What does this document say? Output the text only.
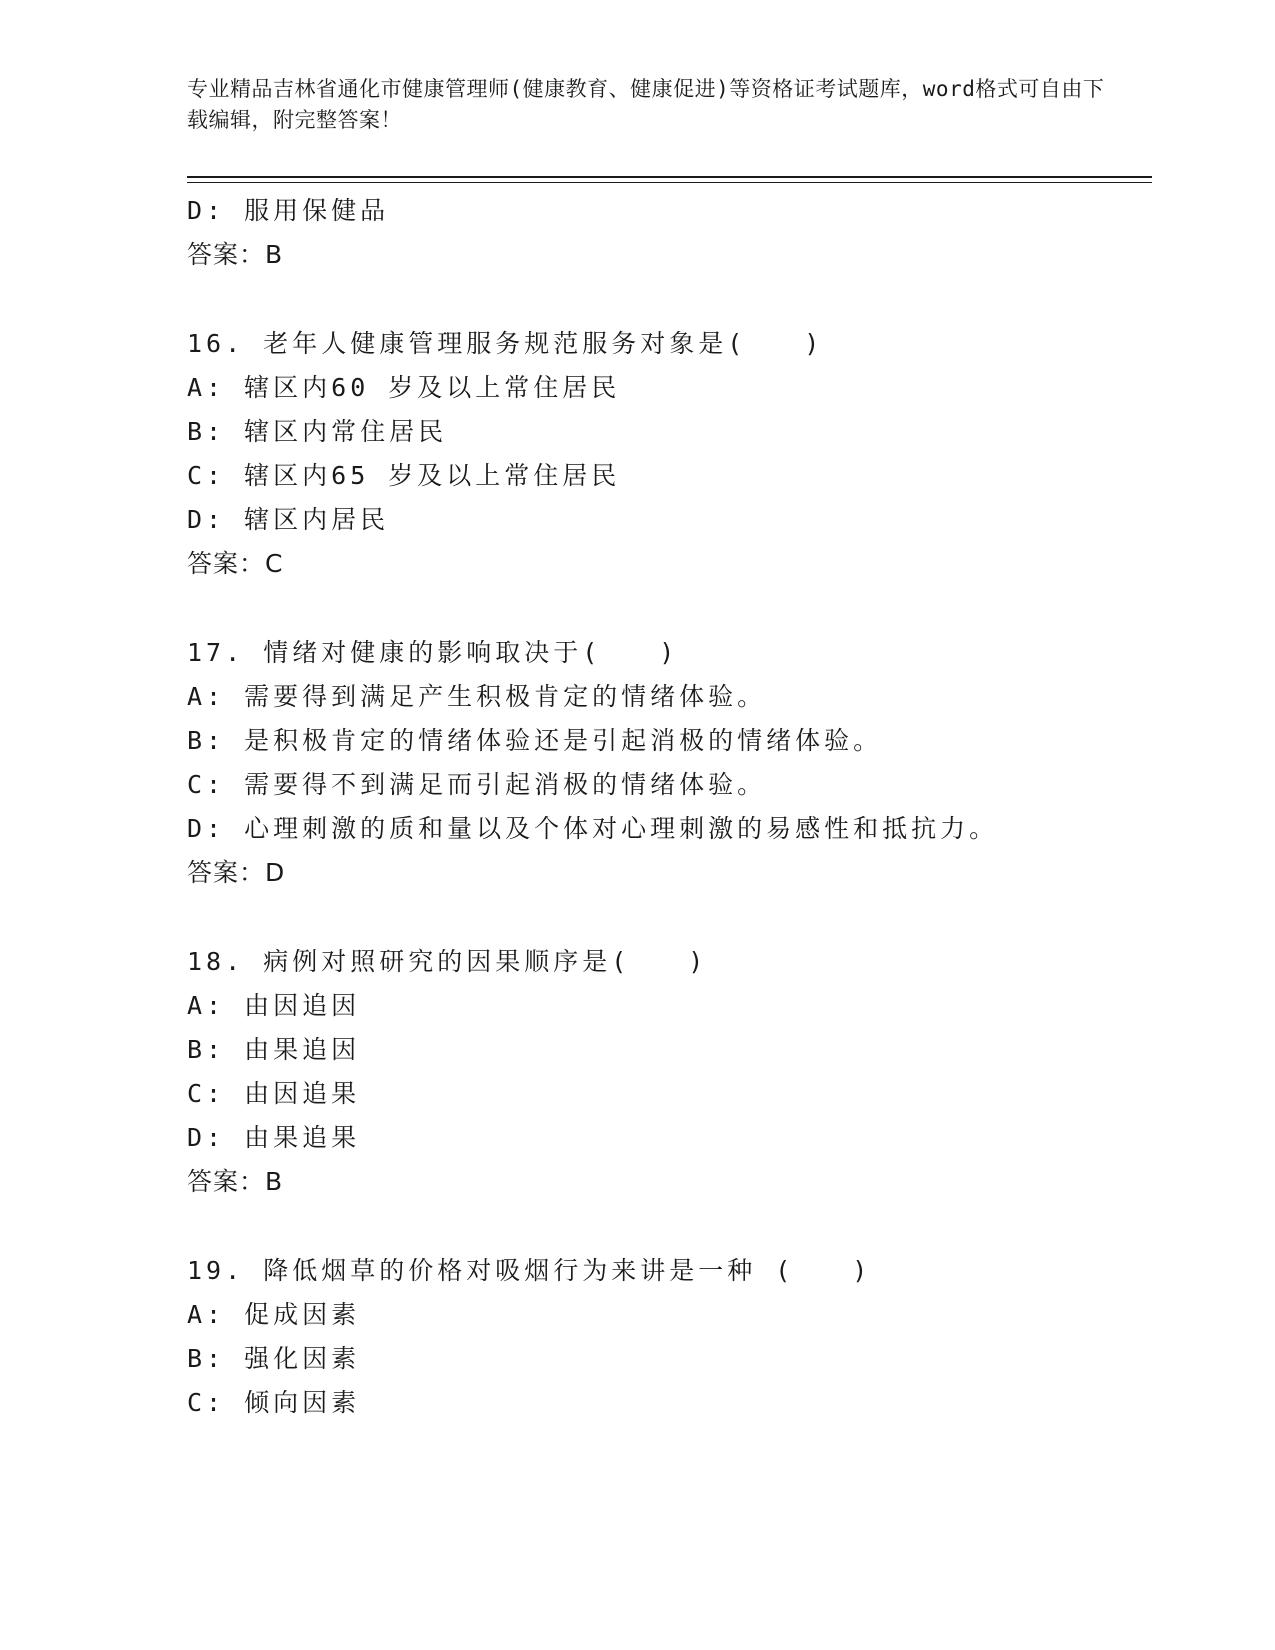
专业精品吉林省通化市健康管理师(健康教育、健康促进)等资格证考试题库，word格式可自由下载编辑，附完整答案！
D: 服用保健品
答案：B
16. 老年人健康管理服务规范服务对象是(　　)
A: 辖区内60 岁及以上常住居民
B: 辖区内常住居民
C: 辖区内65 岁及以上常住居民
D: 辖区内居民
答案：C
17. 情绪对健康的影响取决于(　　)
A: 需要得到满足产生积极肯定的情绪体验。
B: 是积极肯定的情绪体验还是引起消极的情绪体验。
C: 需要得不到满足而引起消极的情绪体验。
D: 心理刺激的质和量以及个体对心理刺激的易感性和抵抗力。
答案：D
18. 病例对照研究的因果顺序是(　　)
A: 由因追因
B: 由果追因
C: 由因追果
D: 由果追果
答案：B
19. 降低烟草的价格对吸烟行为来讲是一种 (　　)
A: 促成因素
B: 强化因素
C: 倾向因素
